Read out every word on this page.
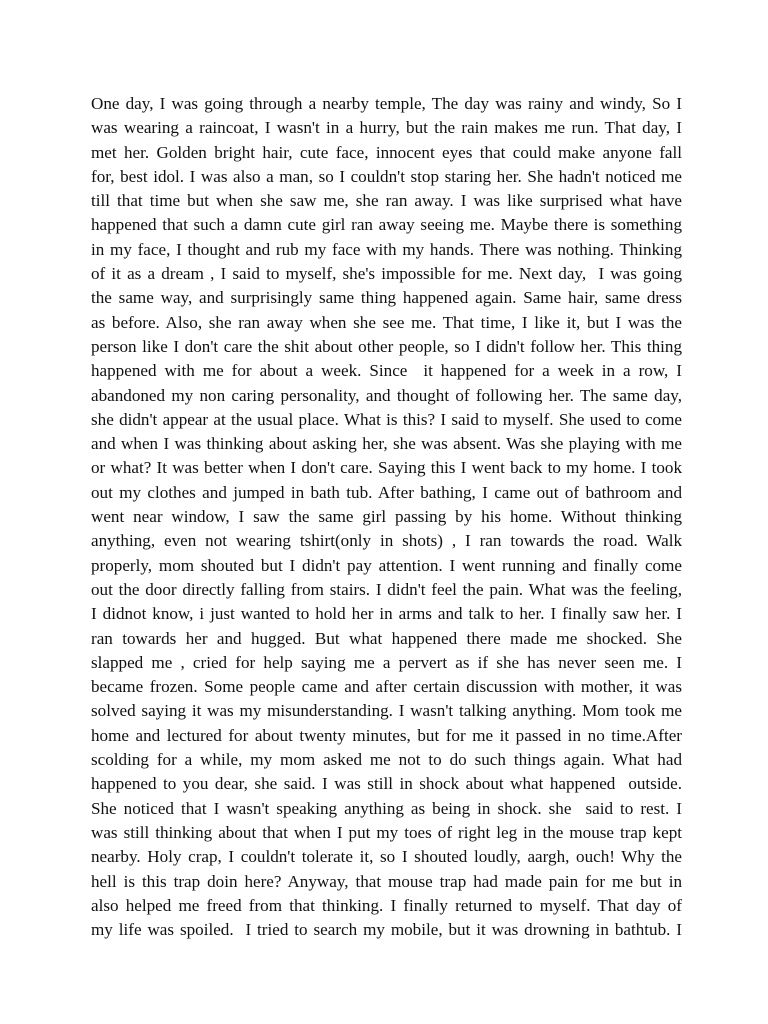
One day, I was going through a nearby temple, The day was rainy and windy, So I
was wearing a raincoat, I wasn't in a hurry, but the rain makes me run. That day, I
met her. Golden bright hair, cute face, innocent eyes that could make anyone fall
for, best idol. I was also a man, so I couldn't stop staring her. She hadn't noticed me
till that time but when she saw me, she ran away. I was like surprised what have
happened that such a damn cute girl ran away seeing me. Maybe there is something
in my face, I thought and rub my face with my hands. There was nothing. Thinking
of it as a dream , I said to myself, she's impossible for me. Next day,  I was going
the same way, and surprisingly same thing happened again. Same hair, same dress
as before. Also, she ran away when she see me. That time, I like it, but I was the
person like I don't care the shit about other people, so I didn't follow her. This thing
happened with me for about a week. Since  it happened for a week in a row, I
abandoned my non caring personality, and thought of following her. The same day,
she didn't appear at the usual place. What is this? I said to myself. She used to come
and when I was thinking about asking her, she was absent. Was she playing with me
or what? It was better when I don't care. Saying this I went back to my home. I took
out my clothes and jumped in bath tub. After bathing, I came out of bathroom and
went near window, I saw the same girl passing by his home. Without thinking
anything, even not wearing tshirt(only in shots) , I ran towards the road. Walk
properly, mom shouted but I didn't pay attention. I went running and finally come
out the door directly falling from stairs. I didn't feel the pain. What was the feeling,
I didnot know, i just wanted to hold her in arms and talk to her. I finally saw her. I
ran towards her and hugged. But what happened there made me shocked. She
slapped me , cried for help saying me a pervert as if she has never seen me. I
became frozen. Some people came and after certain discussion with mother, it was
solved saying it was my misunderstanding. I wasn't talking anything. Mom took me
home and lectured for about twenty minutes, but for me it passed in no time.After
scolding for a while, my mom asked me not to do such things again. What had
happened to you dear, she said. I was still in shock about what happened  outside.
She noticed that I wasn't speaking anything as being in shock. she  said to rest. I
was still thinking about that when I put my toes of right leg in the mouse trap kept
nearby. Holy crap, I couldn't tolerate it, so I shouted loudly, aargh, ouch! Why the
hell is this trap doin here? Anyway, that mouse trap had made pain for me but in
also helped me freed from that thinking. I finally returned to myself. That day of
my life was spoiled.  I tried to search my mobile, but it was drowning in bathtub. I
